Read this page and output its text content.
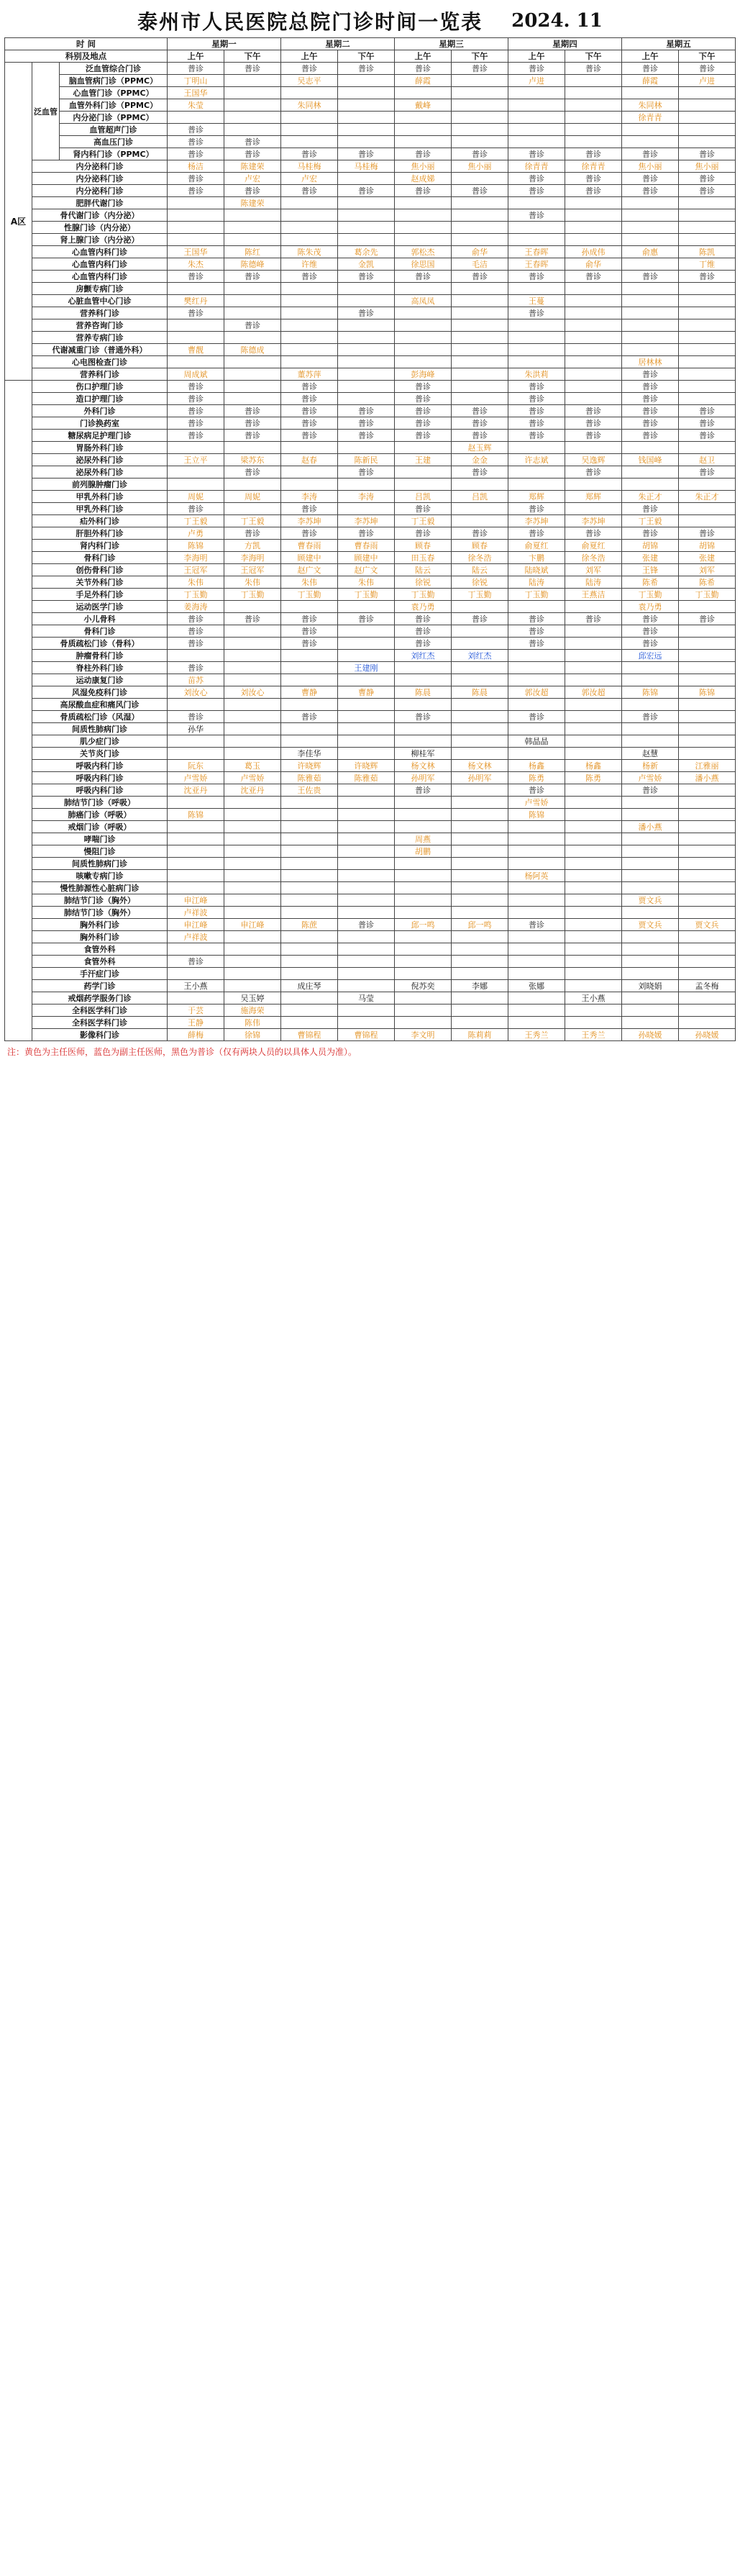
泰州市人民医院总院门诊时间一览表 2024. 11
时 间			星期一		星期二		星期三		星期四		星期五	
科别及地点			上午	下午	上午	下午	上午	下午	上午	下午	上午	下午
A区	泛血管	泛血管综合门诊	普诊	普诊	普诊	普诊	普诊	普诊	普诊	普诊	普诊	普诊
		脑血管病门诊（PPMC）	丁明山		吴志平		薛霞		卢进		薛霞	卢进
		心血管门诊（PPMC）	王国华									
		血管外科门诊（PPMC）	朱莹		朱同林		戴峰				朱同林	
		内分泌门诊（PPMC）									徐青青	
		血管超声门诊	普诊									
		高血压门诊	普诊	普诊								
		肾内科门诊（PPMC）	普诊	普诊	普诊	普诊	普诊	普诊	普诊	普诊	普诊	普诊
	内分泌科门诊		杨洁	陈建荣	马桂梅	马桂梅	焦小丽	焦小丽	徐青青	徐青青	焦小丽	焦小丽
	内分泌科门诊		普诊	卢宏	卢宏		赵成娣		普诊	普诊	普诊	普诊
	内分泌科门诊		普诊	普诊	普诊	普诊	普诊	普诊	普诊	普诊	普诊	普诊
	肥胖代谢门诊			陈建荣								
	骨代谢门诊（内分泌）								普诊			
	性腺门诊（内分泌）											
	肾上腺门诊（内分泌）											
	心血管内科门诊		王国华	陈红	陈朱茂	葛余先	郭松杰	俞华	王春晖	孙成伟	俞惠	陈凯
	心血管内科门诊		朱杰	陈德峰	许维	金凯	徐思国	毛洁	王春晖	俞华		丁维
	心血管内科门诊		普诊	普诊	普诊	普诊	普诊	普诊	普诊	普诊	普诊	普诊
	房颤专病门诊											
	心脏血管中心门诊		樊红丹				高凤凤		王蔓			
	营养科门诊		普诊			普诊			普诊			
	营养咨询门诊			普诊								
	营养专病门诊											
	代谢减重门诊（普通外科）		曹靓	陈德成								
	心电图检查门诊										居林林	
	营养科门诊		周成斌		董苏萍		彭海峰		朱洪莉		普诊	
	伤口护理门诊		普诊		普诊		普诊		普诊		普诊	
	造口护理门诊		普诊		普诊		普诊		普诊		普诊	
	外科门诊		普诊	普诊	普诊	普诊	普诊	普诊	普诊	普诊	普诊	普诊
	门诊换药室		普诊	普诊	普诊	普诊	普诊	普诊	普诊	普诊	普诊	普诊
	糖尿病足护理门诊		普诊	普诊	普诊	普诊	普诊	普诊	普诊	普诊	普诊	普诊
	胃肠外科门诊							赵玉辉				
	泌尿外科门诊		王立平	梁苏东	赵春	陈新民	王建	金金	许志斌	吴逸辉	钱国峰	赵卫
	泌尿外科门诊			普诊		普诊		普诊		普诊		普诊
	前列腺肿瘤门诊											
	甲乳外科门诊		周妮	周妮	李涛	李涛	吕凯	吕凯	郑辉	郑辉	朱正才	朱正才
	甲乳外科门诊		普诊		普诊		普诊		普诊		普诊	
	疝外科门诊		丁王毅	丁王毅	李苏坤	李苏坤	丁王毅		李苏坤	李苏坤	丁王毅	
	肝胆外科门诊		卢勇	普诊	普诊	普诊	普诊	普诊	普诊	普诊	普诊	普诊
	肾内科门诊		陈锦	方凯	曹春雨	曹春雨	顾春	顾春	俞夏红	俞夏红	胡锦	胡锦
	骨科门诊		李海明	李海明	顾建中	顾建中	田玉春	徐冬浩	卞鹏	徐冬浩	张建	张建
	创伤骨科门诊		王冠军	王冠军	赵广文	赵广文	陆云	陆云	陆晓斌	刘军	王锋	刘军
	关节外科门诊		朱伟	朱伟	朱伟	朱伟	徐锐	徐锐	陆涛	陆涛	陈希	陈希
	手足外科门诊		丁玉勤	丁玉勤	丁玉勤	丁玉勤	丁玉勤	丁玉勤	丁玉勤	王燕洁	丁玉勤	丁玉勤
	运动医学门诊		姜海涛				袁乃勇				袁乃勇	
	小儿骨科		普诊	普诊	普诊	普诊	普诊	普诊	普诊	普诊	普诊	普诊
	骨科门诊		普诊		普诊		普诊		普诊		普诊	
	骨质疏松门诊（骨科）		普诊		普诊		普诊		普诊		普诊	
	肿瘤骨科门诊						刘红杰	刘红杰			邱宏远	
	脊柱外科门诊		普诊			王建刚						
	运动康复门诊		苗苏									
	风湿免疫科门诊		刘汝心	刘汝心	曹静	曹静	陈晨	陈晨	郭汝超	郭汝超	陈锦	陈锦
	高尿酸血症和痛风门诊											
	骨质疏松门诊（风湿）		普诊		普诊		普诊		普诊		普诊	
	间质性肺病门诊		孙华									
	肌少症门诊								韩晶晶			
	关节炎门诊				李佳华		柳桂军				赵慧	
	呼吸内科门诊		阮东	葛玉	许晓辉	许晓辉	杨文林	杨文林	杨鑫	杨鑫	杨新	江雅丽
	呼吸内科门诊		卢雪娇	卢雪娇	陈雅茹	陈雅茹	孙明军	孙明军	陈勇	陈勇	卢雪娇	潘小燕
	呼吸内科门诊		沈亚丹	沈亚丹	王佐贵		普诊		普诊		普诊	
	肺结节门诊（呼吸）								卢雪娇			
	肺癌门诊（呼吸）		陈锦						陈锦			
	戒烟门诊（呼吸）										潘小燕	
	哮喘门诊						周燕					
	慢阻门诊						胡鹏					
	间质性肺病门诊											
	咳嗽专病门诊								杨阿英			
	慢性肺源性心脏病门诊											
	肺结节门诊（胸外）		申江峰								贾文兵	
	肺结节门诊（胸外）		卢祥波									
	胸外科门诊		申江峰	申江峰	陈蔗	普诊	邱一鸣	邱一鸣	普诊		贾文兵	贾文兵
	胸外科门诊		卢祥波									
	食管外科											
	食管外科		普诊									
	手汗症门诊											
	药学门诊		王小燕		成庄琴		倪苏奕	李娜	张娜		刘晓娟	孟冬梅
	戒烟药学服务门诊			吴玉婷		马莹				王小燕		
	全科医学科门诊		于芸	施海荣								
	全科医学科门诊		王静	陈伟								
	影像科门诊		薛梅	徐锦	曹锦程	曹锦程	李文明	陈莉莉	王秀兰	王秀兰	孙晓媛	孙晓媛
注：黄色为主任医师，蓝色为副主任医师，黑色为普诊（仅有两块人员的以具体人员为准）。
